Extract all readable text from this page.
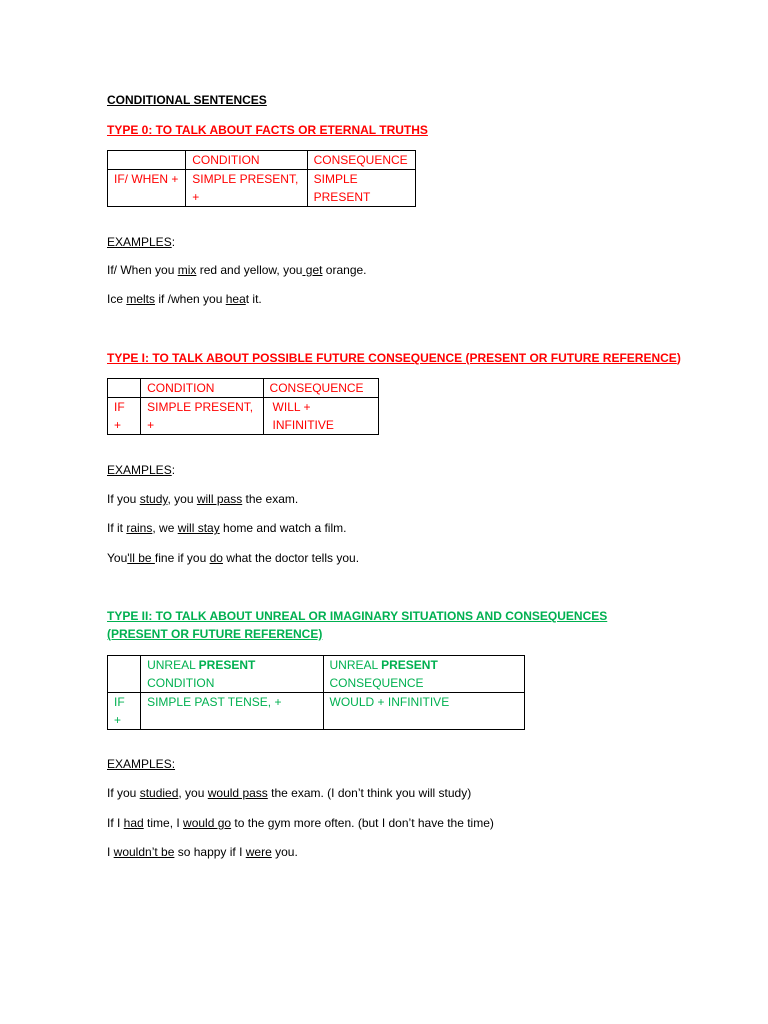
CONDITIONAL SENTENCES
TYPE 0: TO TALK ABOUT FACTS OR ETERNAL TRUTHS
	CONDITION	CONSEQUENCE
IF/ WHEN +	SIMPLE PRESENT, +	SIMPLE PRESENT
EXAMPLES:
If/ When you mix red and yellow, you get orange.
Ice melts if /when you heat it.
TYPE I: TO TALK ABOUT POSSIBLE FUTURE CONSEQUENCE (PRESENT OR FUTURE REFERENCE)
	CONDITION	CONSEQUENCE
IF +	SIMPLE PRESENT, +	WILL + INFINITIVE
EXAMPLES:
If you study, you will pass the exam.
If it rains, we will stay home and watch a film.
You'll be fine if you do what the doctor tells you.
TYPE II: TO TALK ABOUT UNREAL OR IMAGINARY SITUATIONS AND CONSEQUENCES (PRESENT OR FUTURE REFERENCE)
	UNREAL PRESENT CONDITION	UNREAL PRESENT CONSEQUENCE
IF +	SIMPLE PAST TENSE, +	WOULD + INFINITIVE
EXAMPLES:
If you studied, you would pass the exam. (I don’t think you will study)
If I had time, I would go to the gym more often. (but I don’t have the time)
I wouldn’t be so happy if I were you.
